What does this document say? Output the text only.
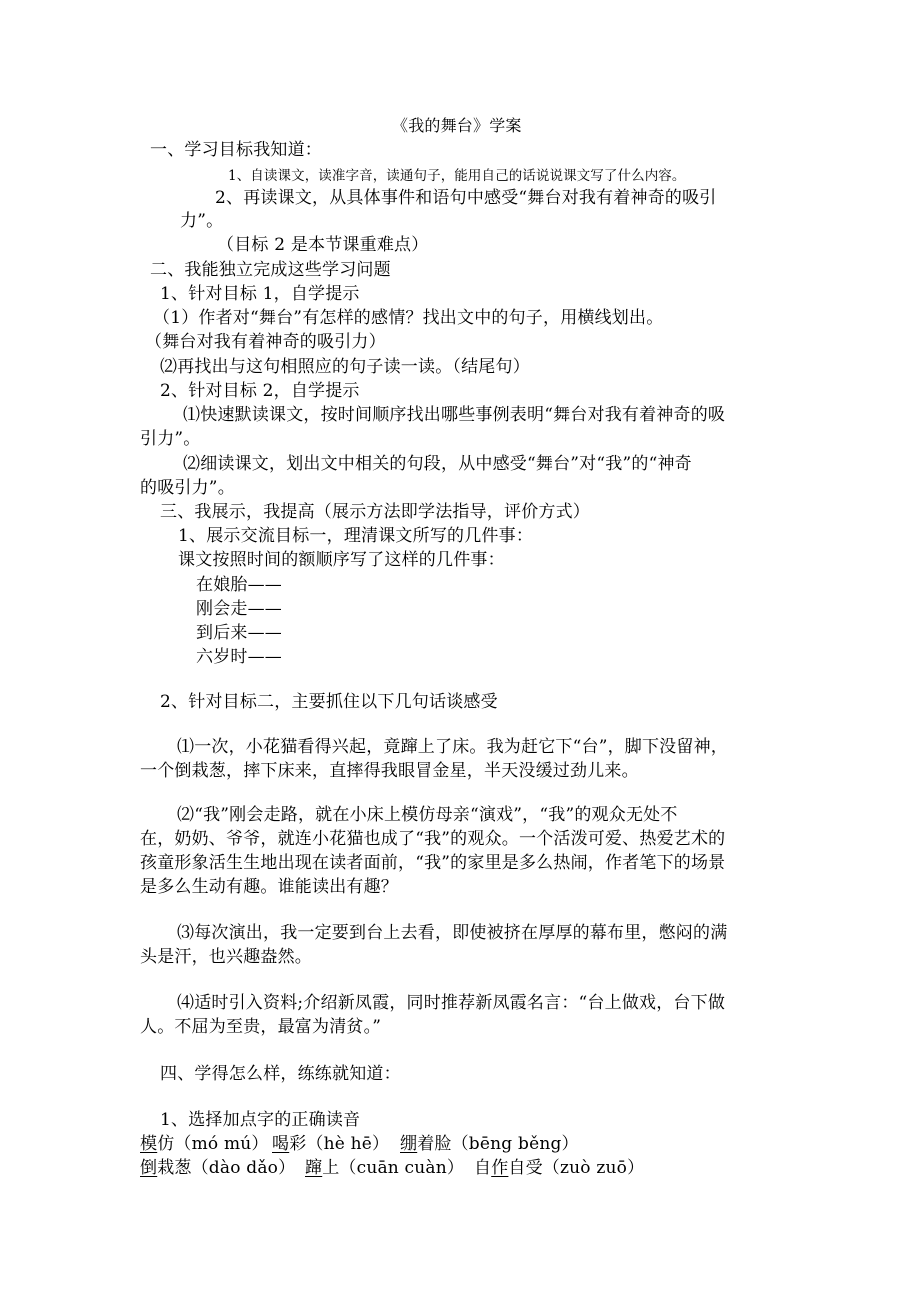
《我的舞台》学案
一、学习目标我知道：
1、自读课文，读准字音，读通句子，能用自己的话说说课文写了什么内容。
2、再读课文，从具体事件和语句中感受“舞台对我有着神奇的吸引
力”。
（目标 2 是本节课重难点）
二、我能独立完成这些学习问题
1、针对目标 1，自学提示
（1）作者对“舞台”有怎样的感情？找出文中的句子，用横线划出。
（舞台对我有着神奇的吸引力）
⑵再找出与这句相照应的句子读一读。（结尾句）
2、针对目标 2，自学提示
⑴快速默读课文，按时间顺序找出哪些事例表明“舞台对我有着神奇的吸
引力”。
⑵细读课文，划出文中相关的句段，从中感受“舞台”对“我”的“神奇
的吸引力”。
三、我展示，我提高（展示方法即学法指导，评价方式）
1、展示交流目标一，理清课文所写的几件事：
课文按照时间的额顺序写了这样的几件事：
在娘胎——
刚会走——
到后来——
六岁时——
2、针对目标二，主要抓住以下几句话谈感受
⑴一次，小花猫看得兴起，竟蹿上了床。我为赶它下“台”，脚下没留神，
一个倒栽葱，摔下床来，直摔得我眼冒金星，半天没缓过劲儿来。
⑵“我”刚会走路，就在小床上模仿母亲“演戏”，“我”的观众无处不
在，奶奶、爷爷，就连小花猫也成了“我”的观众。一个活泼可爱、热爱艺术的
孩童形象活生生地出现在读者面前，“我”的家里是多么热闹，作者笔下的场景
是多么生动有趣。谁能读出有趣？
⑶每次演出，我一定要到台上去看，即使被挤在厚厚的幕布里，憋闷的满
头是汗，也兴趣盎然。
⑷适时引入资料;介绍新凤霞，同时推荐新凤霞名言：“台上做戏，台下做
人。不屈为至贵，最富为清贫。”
四、学得怎么样，练练就知道：
1、选择加点字的正确读音
模仿（mó mú） 喝彩（hè hē） 绷着脸（bēng běng）
倒栽葱（dào dǎo） 蹿上（cuān cuàn） 自作自受（zuò zuō）
